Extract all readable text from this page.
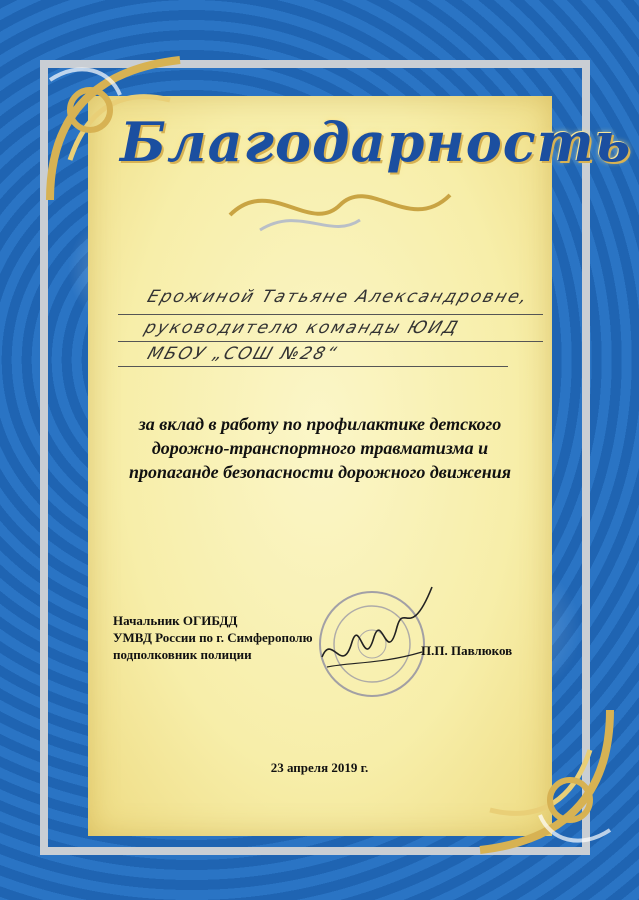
Благодарность
Ерожиной Татьяне Александровне,
руководителю команды ЮИД
МБОУ „СОШ №28“
за вклад в работу по профилактике детского дорожно-транспортного травматизма и пропаганде безопасности дорожного движения
Начальник ОГИБДД
УМВД России по г. Симферополю
подполковник полиции	П.П. Павлюков
23 апреля 2019 г.
